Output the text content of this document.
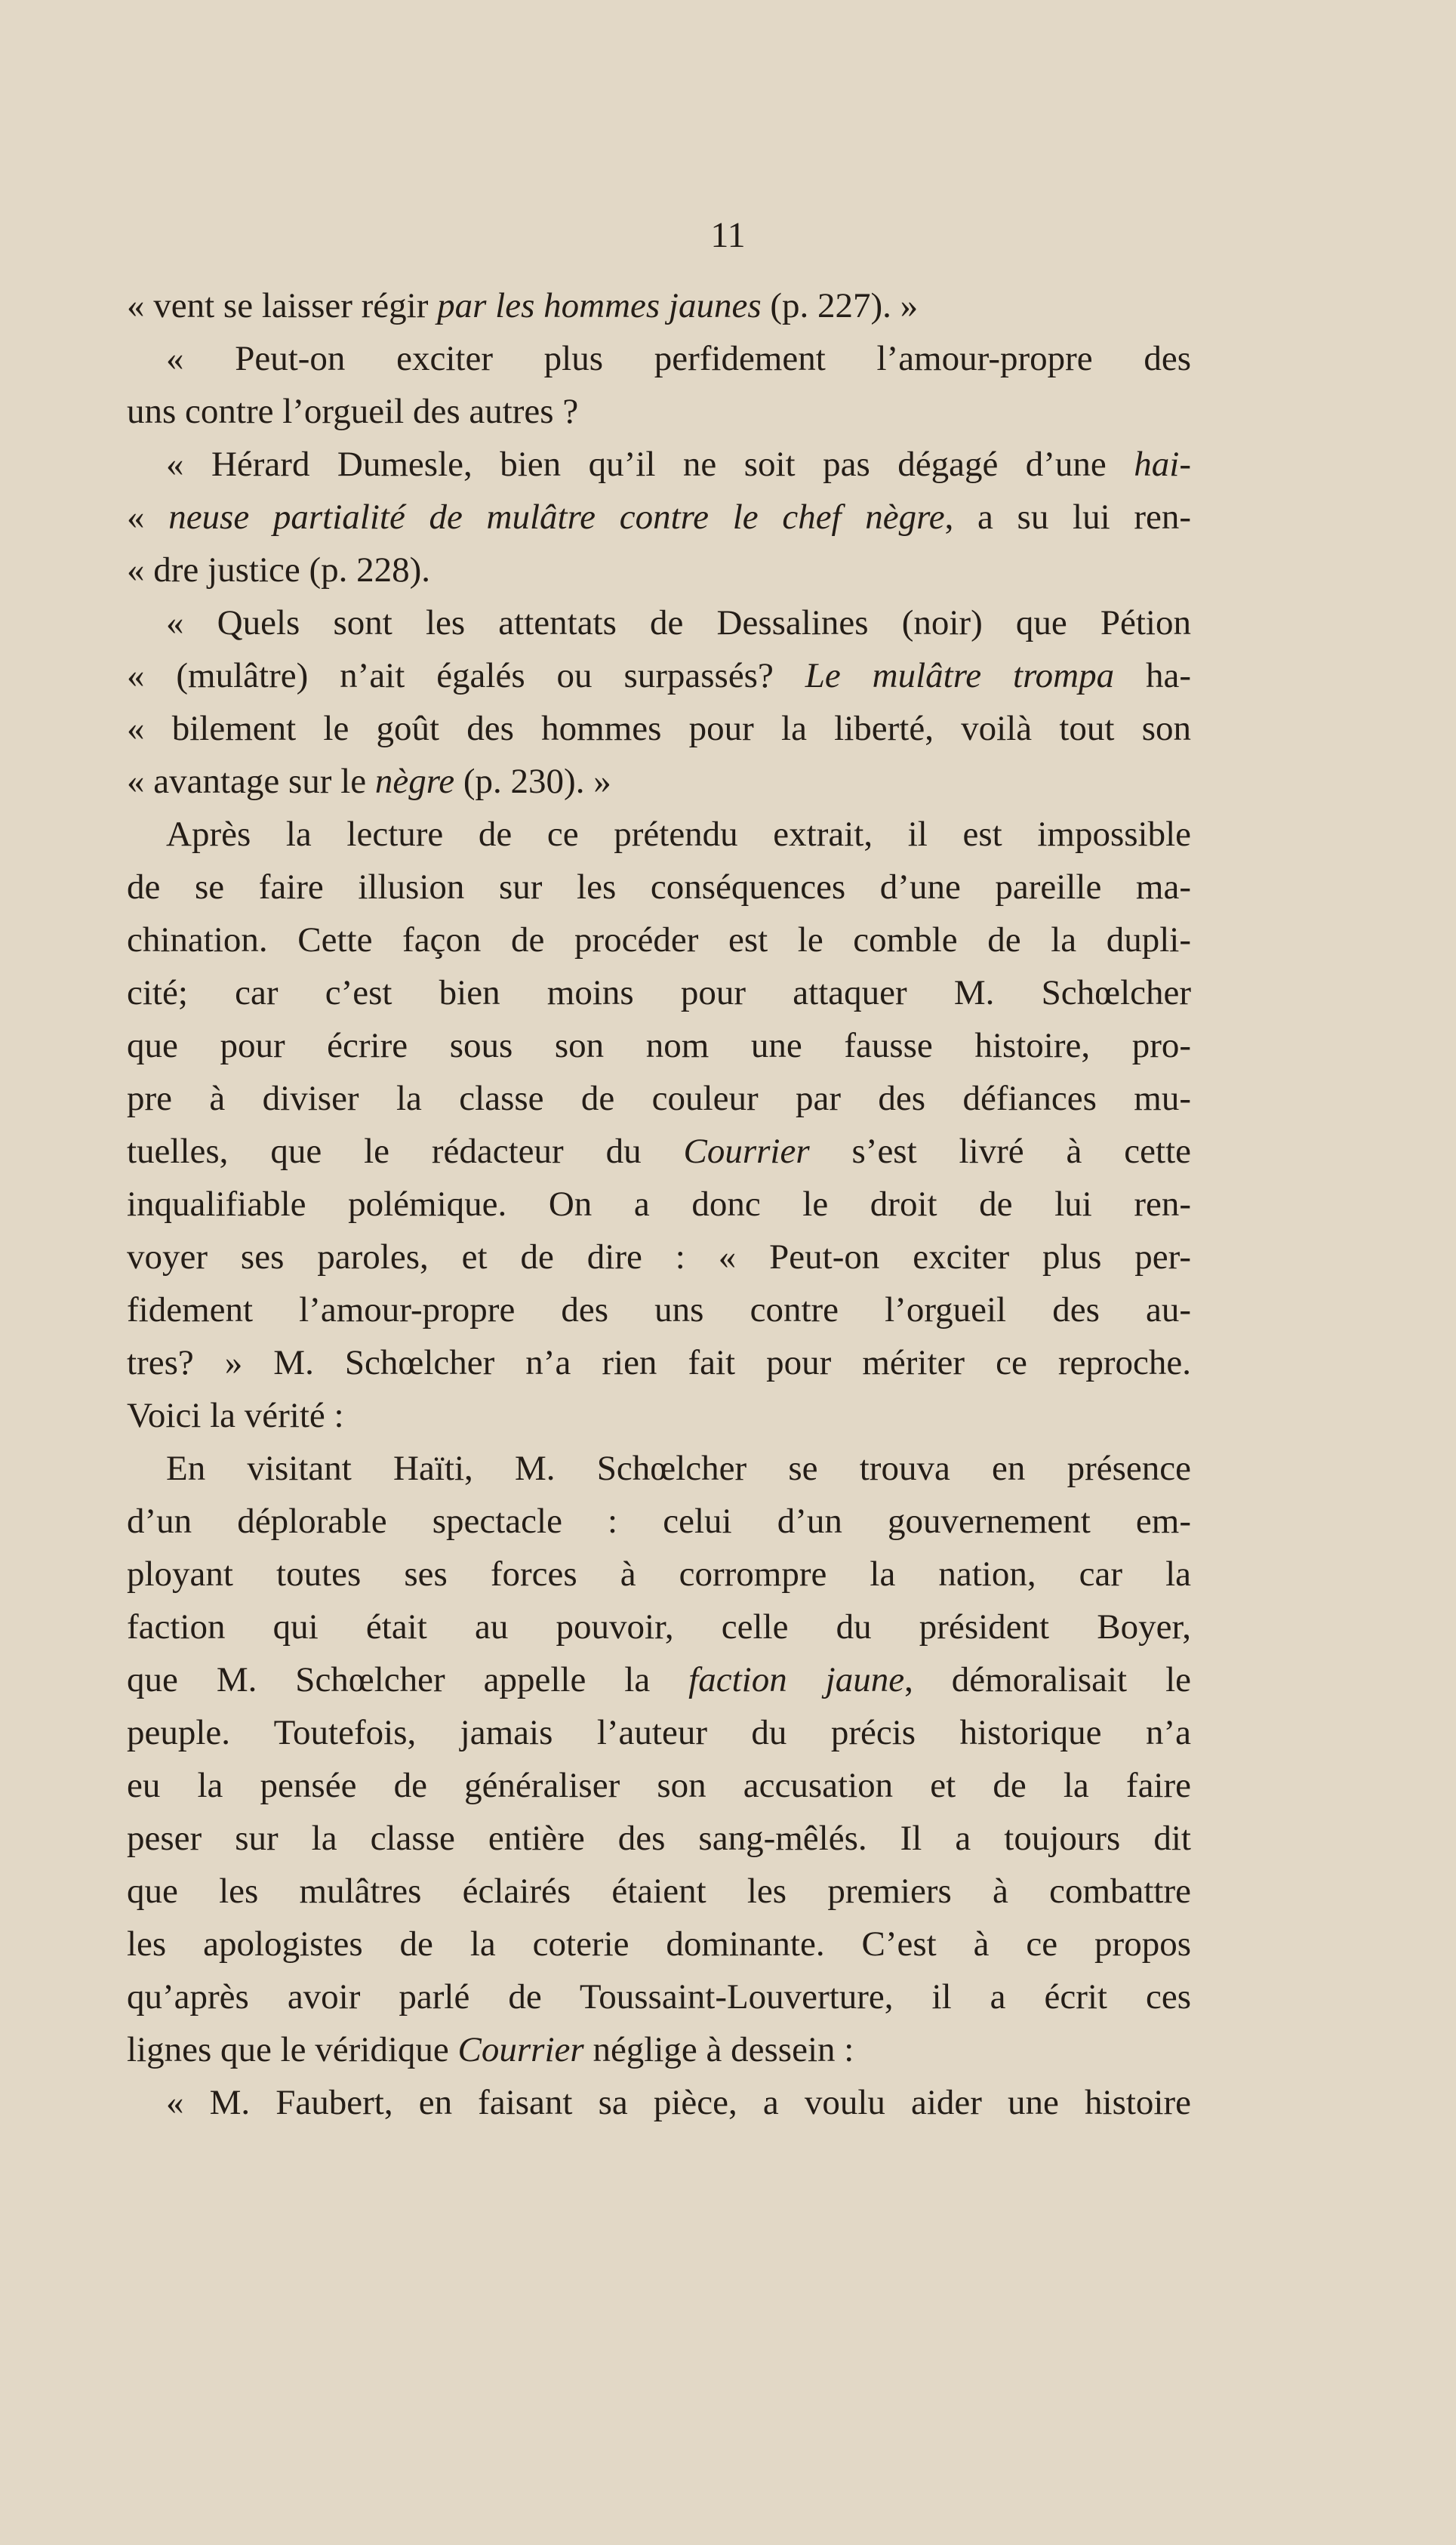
11
« vent se laisser régir par les hommes jaunes (p. 227). »
« Peut-on exciter plus perfidement l’amour-propre des
uns contre l’orgueil des autres ?
« Hérard Dumesle, bien qu’il ne soit pas dégagé d’une hai-
« neuse partialité de mulâtre contre le chef nègre, a su lui ren-
« dre justice (p. 228).
« Quels sont les attentats de Dessalines (noir) que Pétion
« (mulâtre) n’ait égalés ou surpassés? Le mulâtre trompa ha-
« bilement le goût des hommes pour la liberté, voilà tout son
« avantage sur le nègre (p. 230). »
Après la lecture de ce prétendu extrait, il est impossible
de se faire illusion sur les conséquences d’une pareille ma-
chination. Cette façon de procéder est le comble de la dupli-
cité; car c’est bien moins pour attaquer M. Schœlcher
que pour écrire sous son nom une fausse histoire, pro-
pre à diviser la classe de couleur par des défiances mu-
tuelles, que le rédacteur du Courrier s’est livré à cette
inqualifiable polémique. On a donc le droit de lui ren-
voyer ses paroles, et de dire : « Peut-on exciter plus per-
fidement l’amour-propre des uns contre l’orgueil des au-
tres? » M. Schœlcher n’a rien fait pour mériter ce reproche.
Voici la vérité :
En visitant Haïti, M. Schœlcher se trouva en présence
d’un déplorable spectacle : celui d’un gouvernement em-
ployant toutes ses forces à corrompre la nation, car la
faction qui était au pouvoir, celle du président Boyer,
que M. Schœlcher appelle la faction jaune, démoralisait le
peuple. Toutefois, jamais l’auteur du précis historique n’a
eu la pensée de généraliser son accusation et de la faire
peser sur la classe entière des sang-mêlés. Il a toujours dit
que les mulâtres éclairés étaient les premiers à combattre
les apologistes de la coterie dominante. C’est à ce propos
qu’après avoir parlé de Toussaint-Louverture, il a écrit ces
lignes que le véridique Courrier néglige à dessein :
« M. Faubert, en faisant sa pièce, a voulu aider une histoire
